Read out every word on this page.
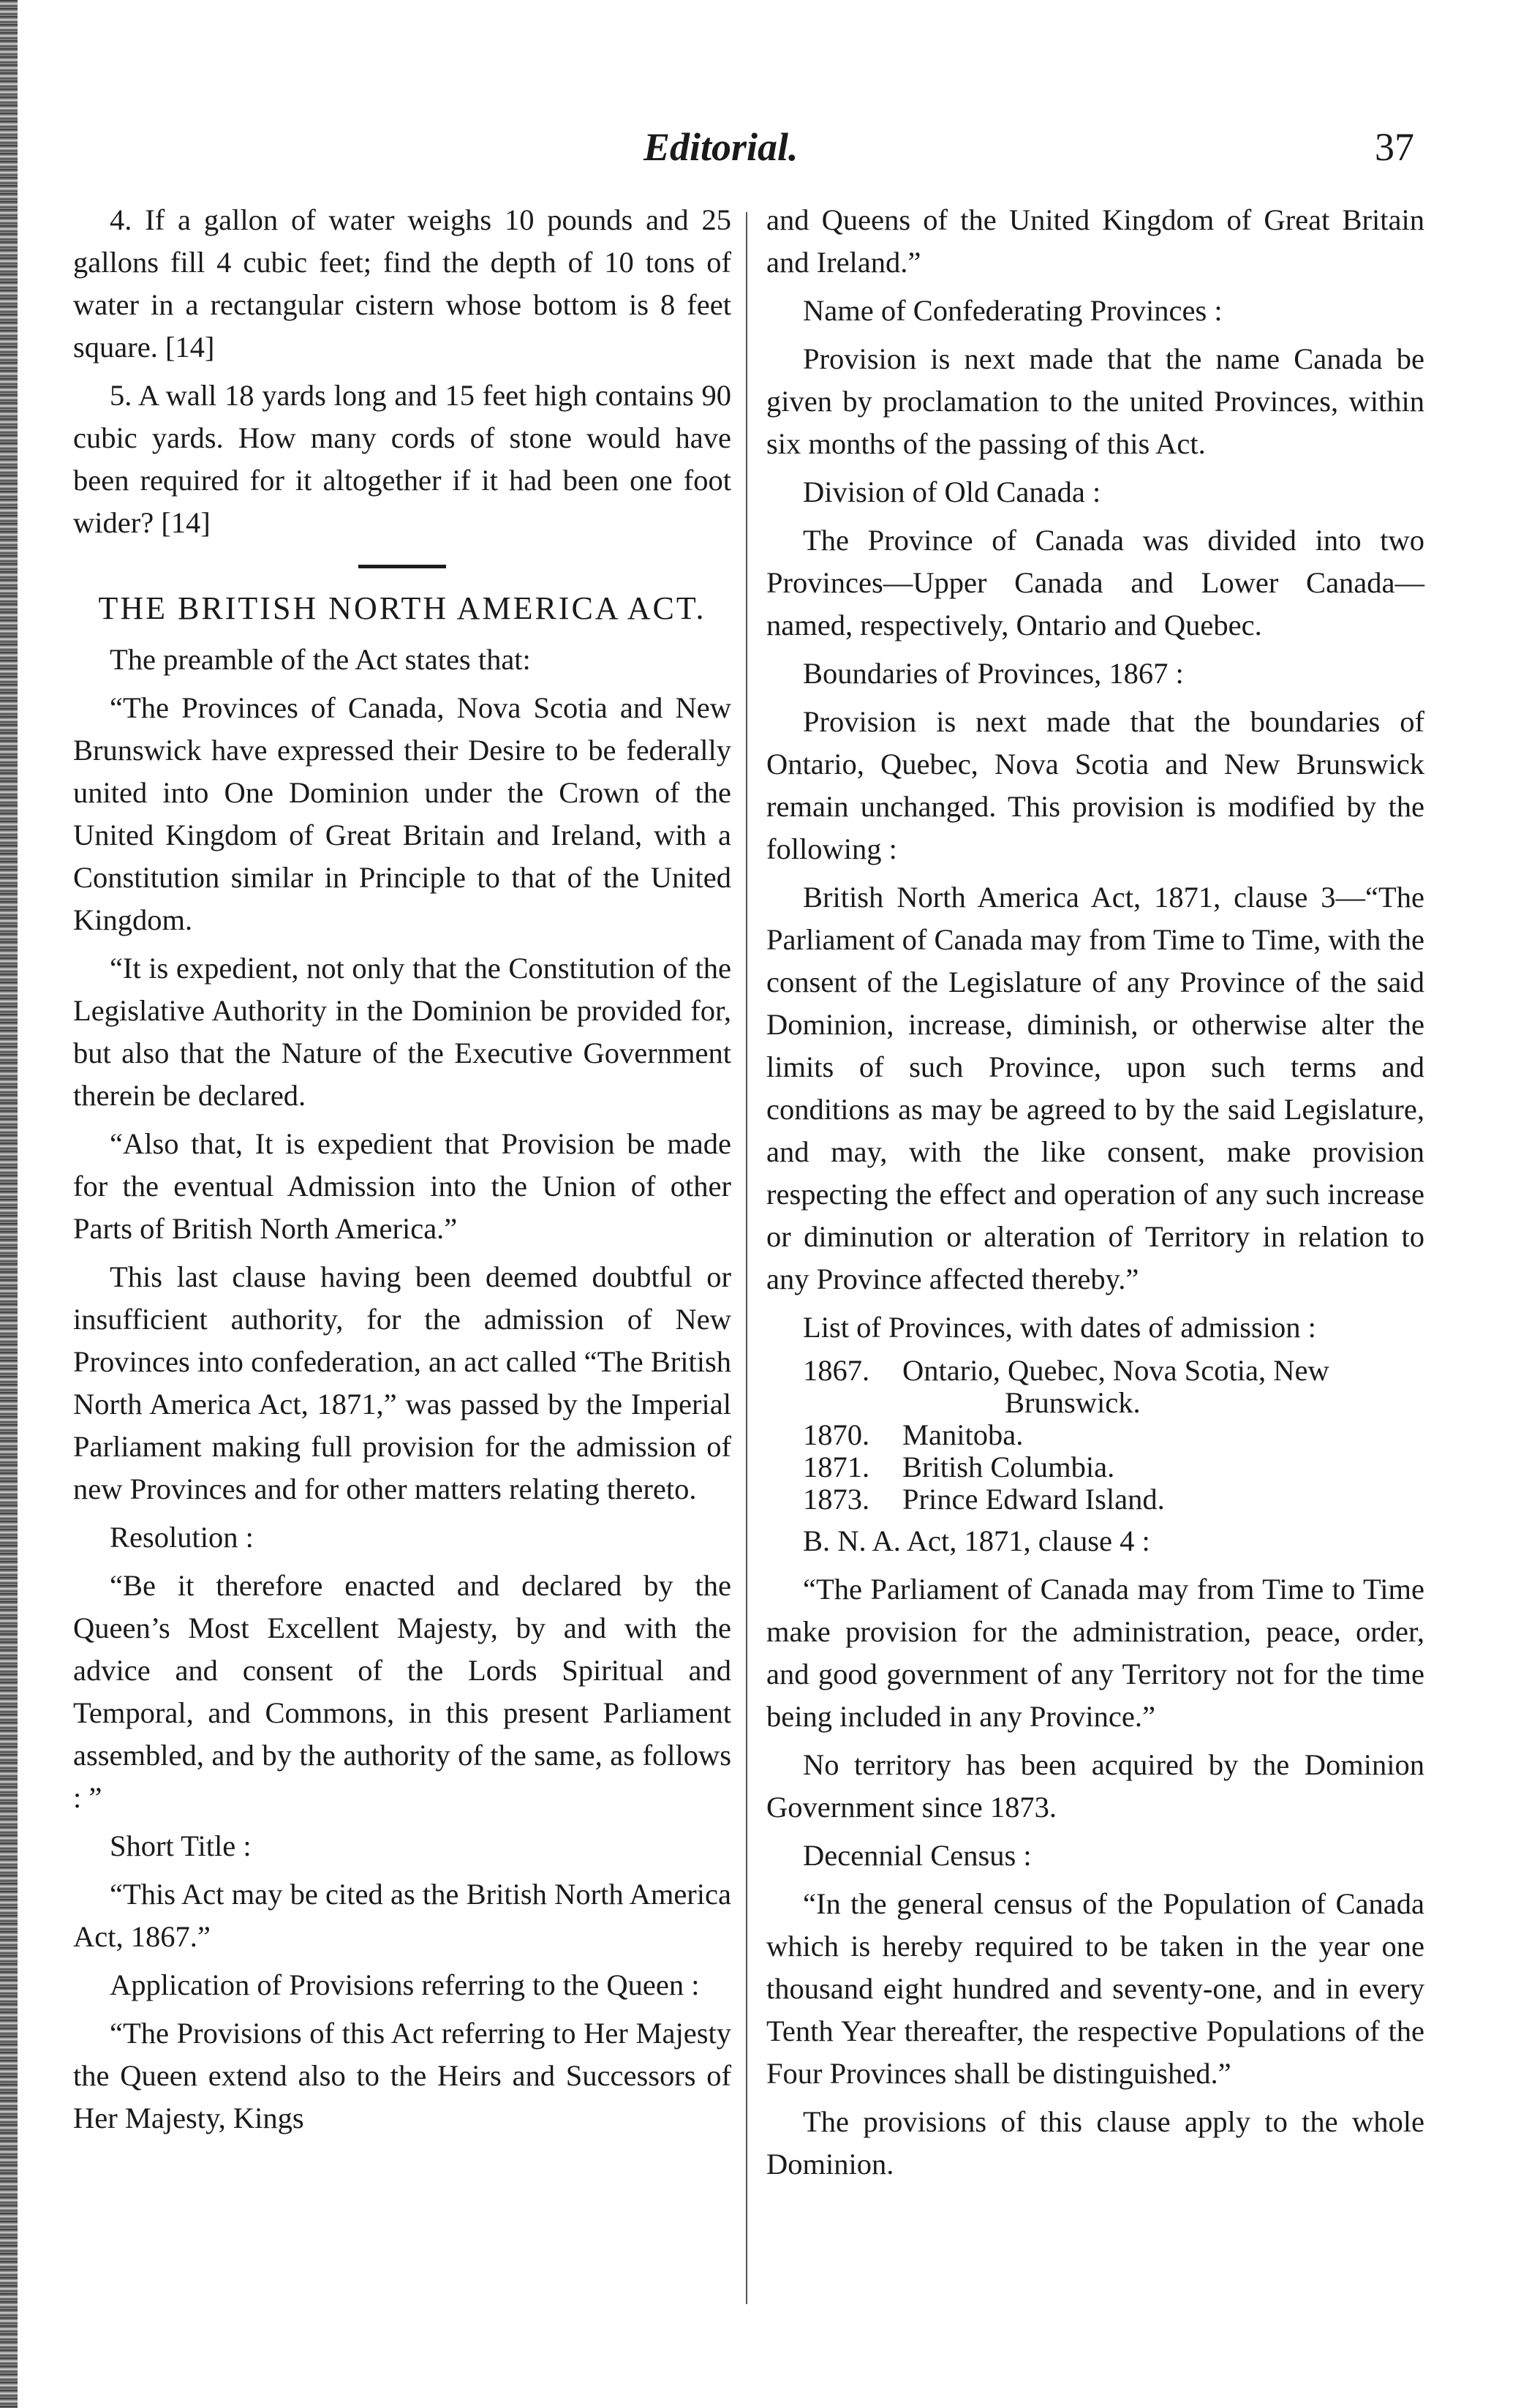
Editorial.	37

4. If a gallon of water weighs 10 pounds and 25 gallons fill 4 cubic feet; find the depth of 10 tons of water in a rectangular cistern whose bottom is 8 feet square. [14]

5. A wall 18 yards long and 15 feet high contains 90 cubic yards. How many cords of stone would have been required for it altogether if it had been one foot wider? [14]

THE BRITISH NORTH AMERICA ACT.

The preamble of the Act states that:

“The Provinces of Canada, Nova Scotia and New Brunswick have expressed their Desire to be federally united into One Dominion under the Crown of the United Kingdom of Great Britain and Ireland, with a Constitution similar in Principle to that of the United Kingdom.

“It is expedient, not only that the Constitution of the Legislative Authority in the Dominion be provided for, but also that the Nature of the Executive Government therein be declared.

“Also that, It is expedient that Provision be made for the eventual Admission into the Union of other Parts of British North America.”

This last clause having been deemed doubtful or insufficient authority, for the admission of New Provinces into confederation, an act called “The British North America Act, 1871,” was passed by the Imperial Parliament making full provision for the admission of new Provinces and for other matters relating thereto.

Resolution :

“Be it therefore enacted and declared by the Queen’s Most Excellent Majesty, by and with the advice and consent of the Lords Spiritual and Temporal, and Commons, in this present Parliament assembled, and by the authority of the same, as follows : ”

Short Title :

“This Act may be cited as the British North America Act, 1867.”

Application of Provisions referring to the Queen :

“The Provisions of this Act referring to Her Majesty the Queen extend also to the Heirs and Successors of Her Majesty, Kings

and Queens of the United Kingdom of Great Britain and Ireland.”

Name of Confederating Provinces :

Provision is next made that the name Canada be given by proclamation to the united Provinces, within six months of the passing of this Act.

Division of Old Canada :

The Province of Canada was divided into two Provinces—Upper Canada and Lower Canada—named, respectively, Ontario and Quebec.

Boundaries of Provinces, 1867 :

Provision is next made that the boundaries of Ontario, Quebec, Nova Scotia and New Brunswick remain unchanged. This provision is modified by the following :

British North America Act, 1871, clause 3—“The Parliament of Canada may from Time to Time, with the consent of the Legislature of any Province of the said Dominion, increase, diminish, or otherwise alter the limits of such Province, upon such terms and conditions as may be agreed to by the said Legislature, and may, with the like consent, make provision respecting the effect and operation of any such increase or diminution or alteration of Territory in relation to any Province affected thereby.”

List of Provinces, with dates of admission :

1867.	Ontario, Quebec, Nova Scotia, New
Brunswick.
1870.	Manitoba.
1871.	British Columbia.
1873.	Prince Edward Island.

B. N. A. Act, 1871, clause 4 :

“The Parliament of Canada may from Time to Time make provision for the administration, peace, order, and good government of any Territory not for the time being included in any Province.”

No territory has been acquired by the Dominion Government since 1873.

Decennial Census :

“In the general census of the Population of Canada which is hereby required to be taken in the year one thousand eight hundred and seventy-one, and in every Tenth Year thereafter, the respective Populations of the Four Provinces shall be distinguished.”

The provisions of this clause apply to the whole Dominion.
